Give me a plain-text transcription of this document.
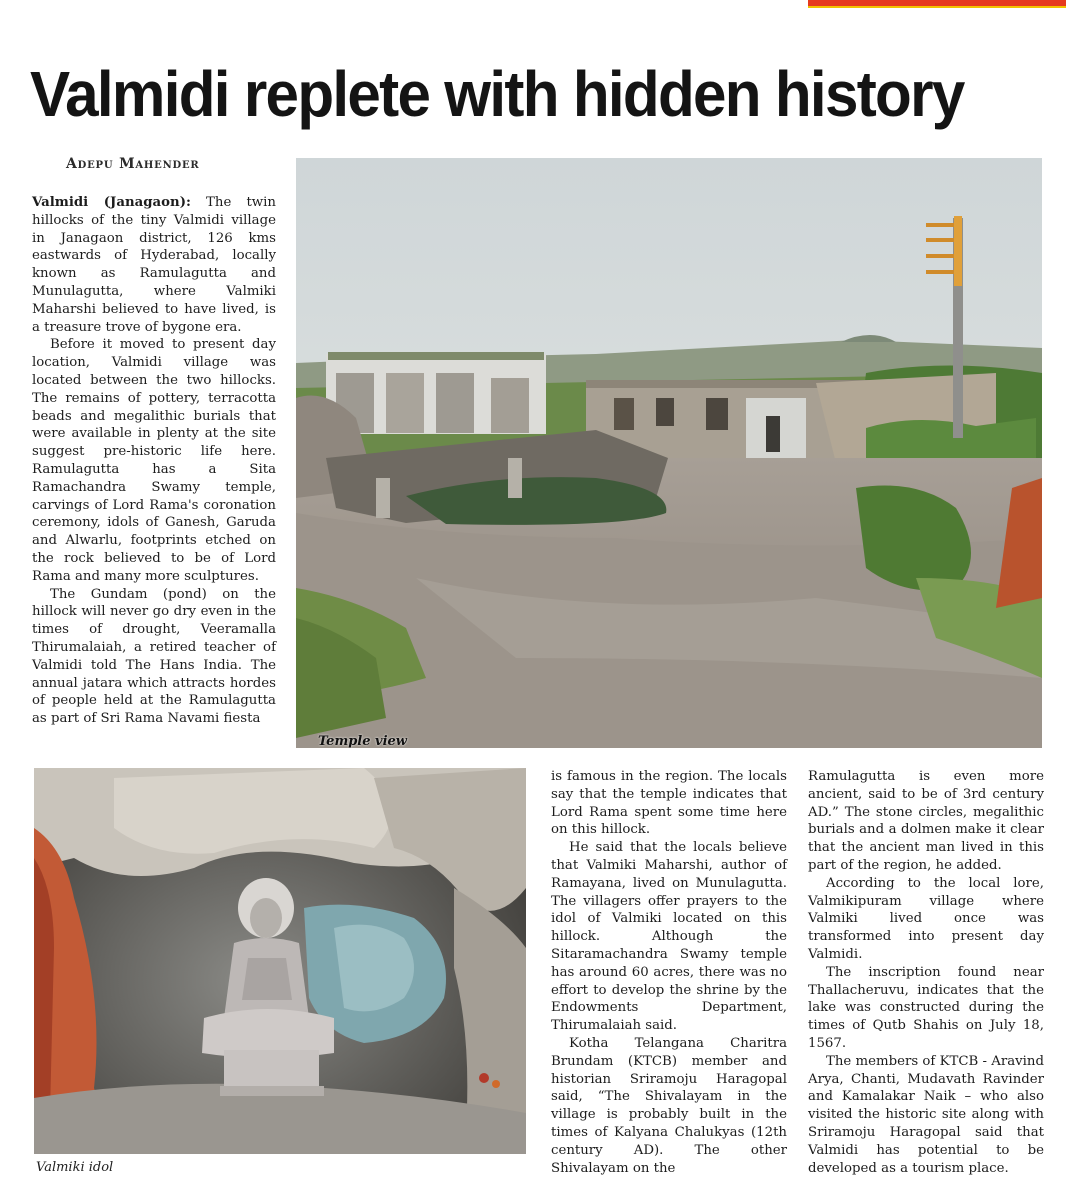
Valmidi replete with hidden history
Adepu Mahender

Valmidi (Janagaon): The twin hillocks of the tiny Valmidi village in Janagaon district, 126 kms eastwards of Hyderabad, locally known as Ramulagutta and Munulagutta, where Valmiki Maharshi believed to have lived, is a treasure trove of bygone era.

Before it moved to present day location, Valmidi village was located between the two hillocks. The remains of pottery, terracotta beads and megalithic burials that were available in plenty at the site suggest pre-historic life here. Ramulagutta has a Sita Ramachandra Swamy temple, carvings of Lord Rama's coronation ceremony, idols of Ganesh, Garuda and Alwarlu, footprints etched on the rock believed to be of Lord Rama and many more sculptures.

The Gundam (pond) on the hillock will never go dry even in the times of drought, Veeramalla Thirumalaiah, a retired teacher of Valmidi told The Hans India. The annual jatara which attracts hordes of people held at the Ramulagutta as part of Sri Rama Navami fiesta

Temple view
Valmiki idol

is famous in the region. The locals say that the temple indicates that Lord Rama spent some time here on this hillock.

He said that the locals believe that Valmiki Maharshi, author of Ramayana, lived on Munulagutta. The villagers offer prayers to the idol of Valmiki located on this hillock. Although the Sitaramachandra Swamy temple has around 60 acres, there was no effort to develop the shrine by the Endowments Department, Thirumalaiah said.

Kotha Telangana Charitra Brundam (KTCB) member and historian Sriramoju Haragopal said, “The Shivalayam in the village is probably built in the times of Kalyana Chalukyas (12th century AD). The other Shivalayam on the

Ramulagutta is even more ancient, said to be of 3rd century AD.” The stone circles, megalithic burials and a dolmen make it clear that the ancient man lived in this part of the region, he added.

According to the local lore, Valmikipuram village where Valmiki lived once was transformed into present day Valmidi.

The inscription found near Thallacheruvu, indicates that the lake was constructed during the times of Qutb Shahis on July 18, 1567.

The members of KTCB - Aravind Arya, Chanti, Mudavath Ravinder and Kamalakar Naik – who also visited the historic site along with Sriramoju Haragopal said that Valmidi has potential to be developed as a tourism place.
